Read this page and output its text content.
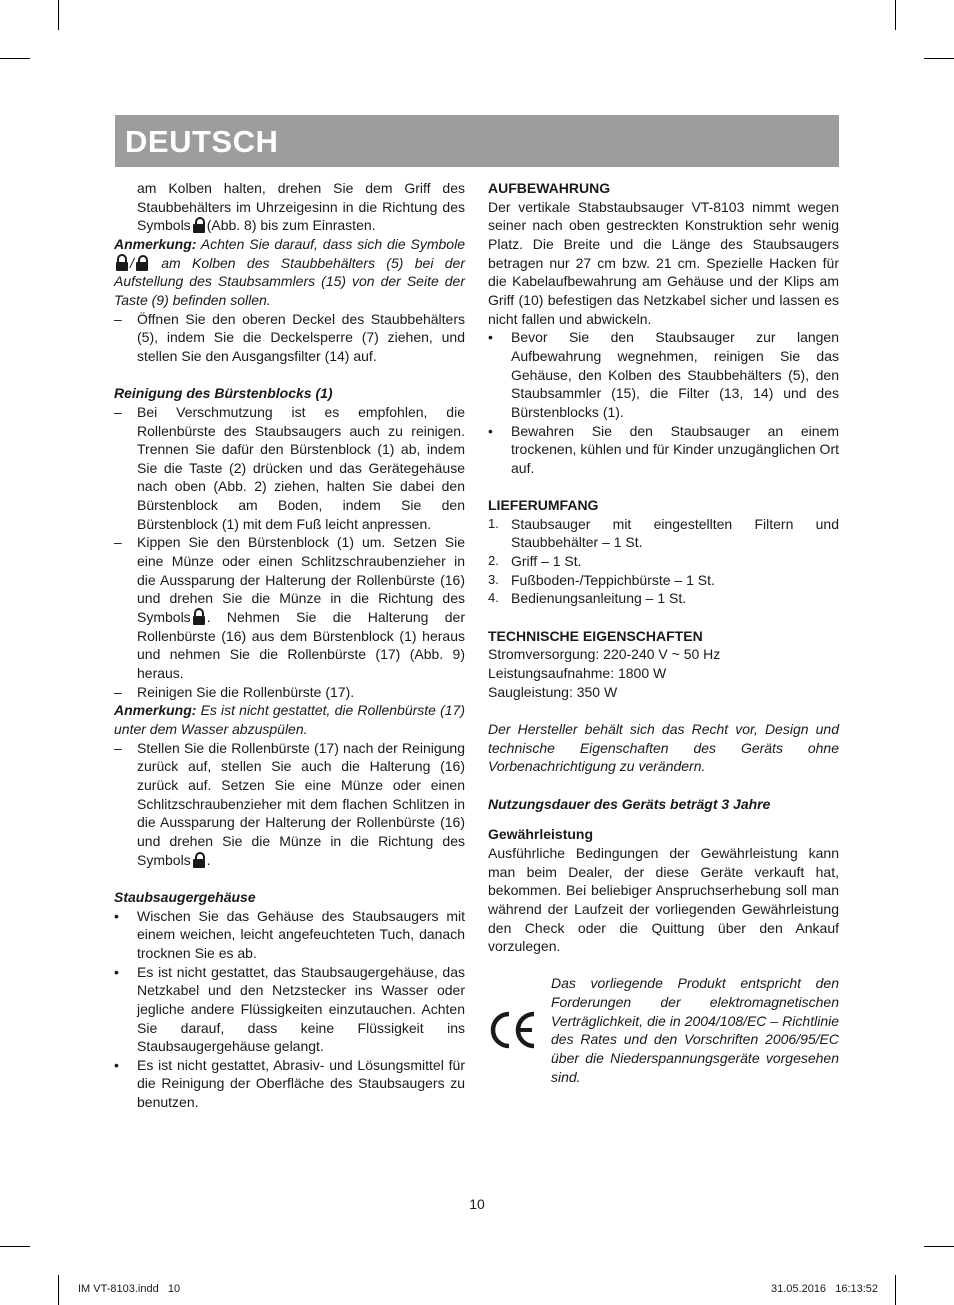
DEUTSCH

am Kolben halten, drehen Sie dem Griff des Staubbehälters im Uhrzeigesinn in die Richtung des Symbols (Abb. 8) bis zum Einrasten.

Anmerkung: Achten Sie darauf, dass sich die Symbole
/ am Kolben des Staubbehälters (5) bei der Aufstellung des Staubsammlers (15) von der Seite der Taste (9) befinden sollen.

–	Öffnen Sie den oberen Deckel des Staubbehälters (5), indem Sie die Deckelsperre (7) ziehen, und stellen Sie den Ausgangsfilter (14) auf.

Reinigung des Bürstenblocks (1)

–	Bei Verschmutzung ist es empfohlen, die Rollenbürste des Staubsaugers auch zu reinigen. Trennen Sie dafür den Bürstenblock (1) ab, indem Sie die Taste (2) drücken und das Gerätegehäuse nach oben (Abb. 2) ziehen, halten Sie dabei den Bürstenblock am Boden, indem Sie den Bürstenblock (1) mit dem Fuß leicht anpressen.

–	Kippen Sie den Bürstenblock (1) um. Setzen Sie eine Münze oder einen Schlitzschraubenzieher in die Aussparung der Halterung der Rollenbürste (16) und drehen Sie die Münze in die Richtung des Symbols . Nehmen Sie die Halterung der Rollenbürste (16) aus dem Bürstenblock (1) heraus und nehmen Sie die Rollenbürste (17) (Abb. 9) heraus.

–	Reinigen Sie die Rollenbürste (17).

Anmerkung: Es ist nicht gestattet, die Rollenbürste (17) unter dem Wasser abzuspülen.

–	Stellen Sie die Rollenbürste (17) nach der Reinigung zurück auf, stellen Sie auch die Halterung (16) zurück auf. Setzen Sie eine Münze oder einen Schlitzschraubenzieher mit dem flachen Schlitzen in die Aussparung der Halterung der Rollenbürste (16) und drehen Sie die Münze in die Richtung des Symbols .

Staubsaugergehäuse

•	Wischen Sie das Gehäuse des Staubsaugers mit einem weichen, leicht angefeuchteten Tuch, danach trocknen Sie es ab.

•	Es ist nicht gestattet, das Staubsaugergehäuse, das Netzkabel und den Netzstecker ins Wasser oder jegliche andere Flüssigkeiten einzutauchen. Achten Sie darauf, dass keine Flüssigkeit ins Staubsaugergehäuse gelangt.

•	Es ist nicht gestattet, Abrasiv- und Lösungsmittel für die Reinigung der Oberfläche des Staubsaugers zu benutzen.

AUFBEWAHRUNG

Der vertikale Stabstaubsauger VT-8103 nimmt wegen seiner nach oben gestreckten Konstruktion sehr wenig Platz. Die Breite und die Länge des Staubsaugers betragen nur 27 cm bzw. 21 cm. Spezielle Hacken für die Kabelaufbewahrung am Gehäuse und der Klips am Griff (10) befestigen das Netzkabel sicher und lassen es nicht fallen und abwickeln.

•	Bevor Sie den Staubsauger zur langen Aufbewahrung wegnehmen, reinigen Sie das Gehäuse, den Kolben des Staubbehälters (5), den Staubsammler (15), die Filter (13, 14) und des Bürstenblocks (1).

•	Bewahren Sie den Staubsauger an einem trockenen, kühlen und für Kinder unzugänglichen Ort auf.

LIEFERUMFANG

1. Staubsauger mit eingestellten Filtern und Staubbehälter – 1 St.

2. Griff – 1 St.

3. Fußboden-/Teppichbürste – 1 St.

4. Bedienungsanleitung – 1 St.

TECHNISCHE EIGENSCHAFTEN

Stromversorgung: 220-240 V ~ 50 Hz

Leistungsaufnahme: 1800 W

Saugleistung: 350 W

Der Hersteller behält sich das Recht vor, Design und technische Eigenschaften des Geräts ohne Vorbenachrichtigung zu verändern.

Nutzungsdauer des Geräts beträgt 3 Jahre

Gewährleistung

Ausführliche Bedingungen der Gewährleistung kann man beim Dealer, der diese Geräte verkauft hat, bekommen. Bei beliebiger Anspruchserhebung soll man während der Laufzeit der vorliegenden Gewährleistung den Check oder die Quittung über den Ankauf vorzulegen.

Das vorliegende Produkt entspricht den Forderungen der elektromagnetischen Verträglichkeit, die in 2004/108/EC – Richtlinie des Rates und den Vorschriften 2006/95/EC über die Niederspannungsgeräte vorgesehen sind.

10
IM VT-8103.indd   10	31.05.2016   16:13:52
